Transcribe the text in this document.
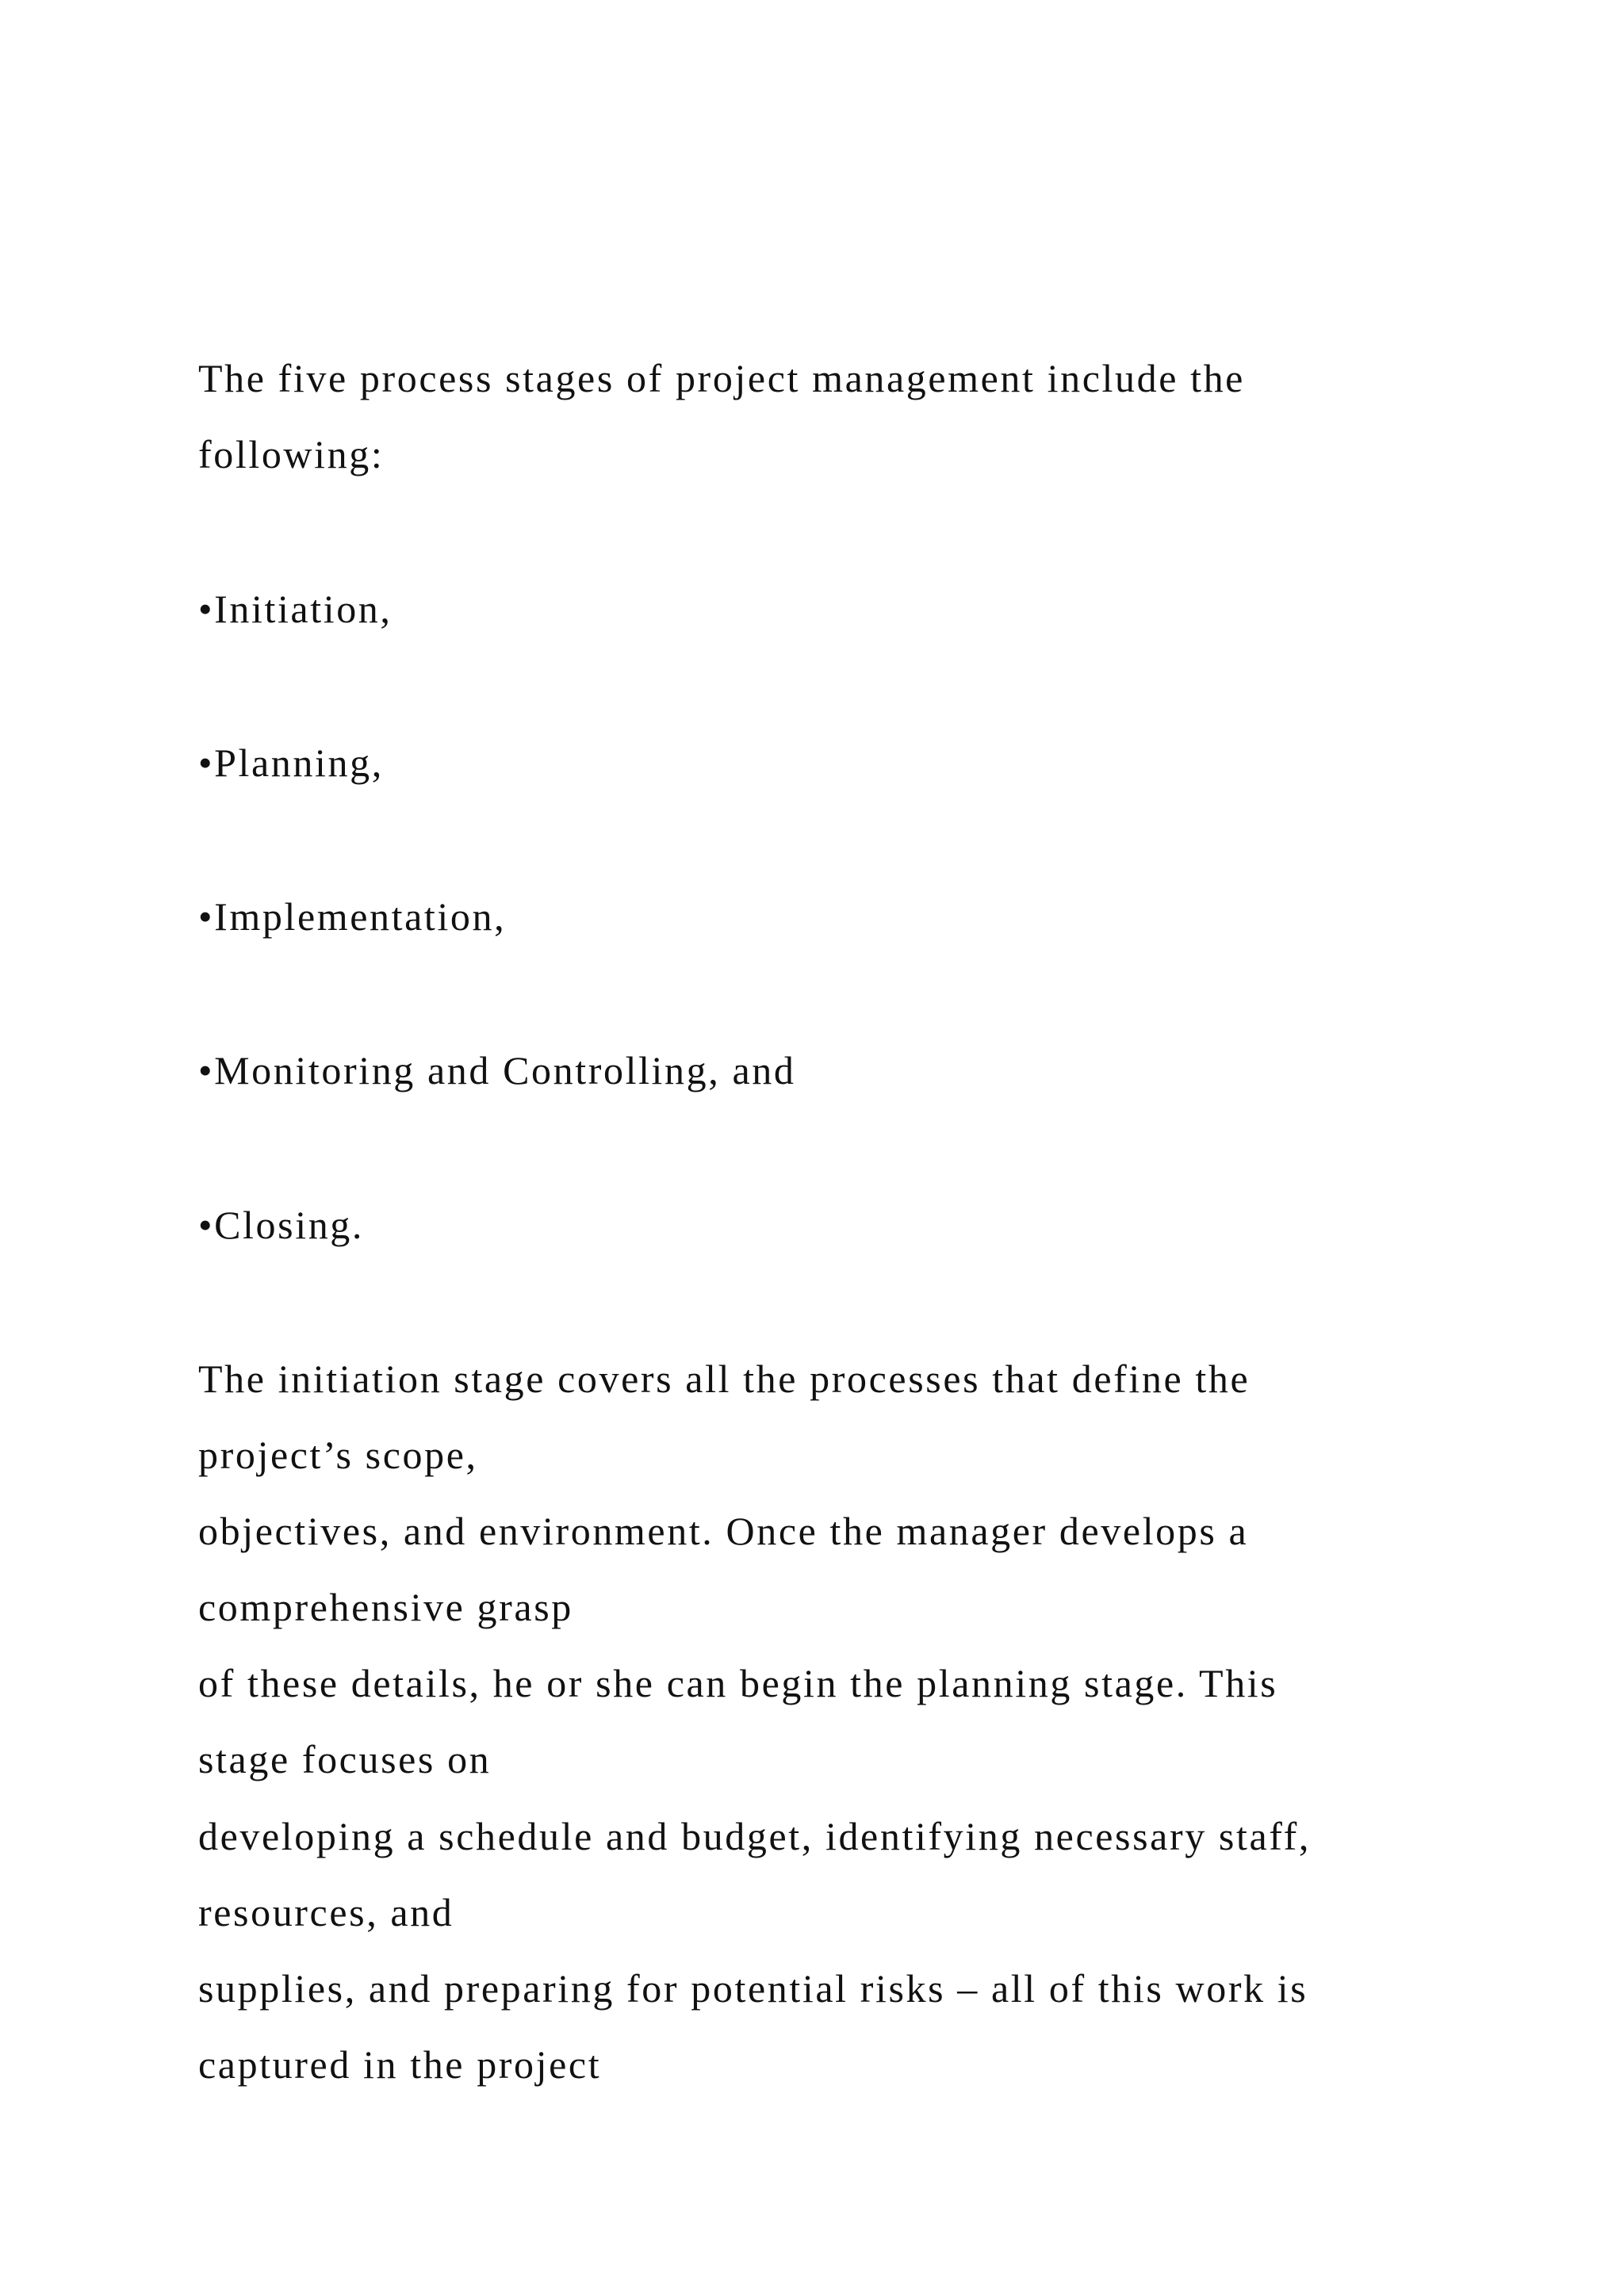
The five process stages of project management include the

following:

•Initiation,

•Planning,

•Implementation,

•Monitoring and Controlling, and

•Closing.

The initiation stage covers all the processes that define the

project’s scope,

objectives, and environment. Once the manager develops a

comprehensive grasp

of these details, he or she can begin the planning stage. This

stage focuses on

developing a schedule and budget, identifying necessary staff,

resources, and

supplies, and preparing for potential risks – all of this work is

captured in the project
